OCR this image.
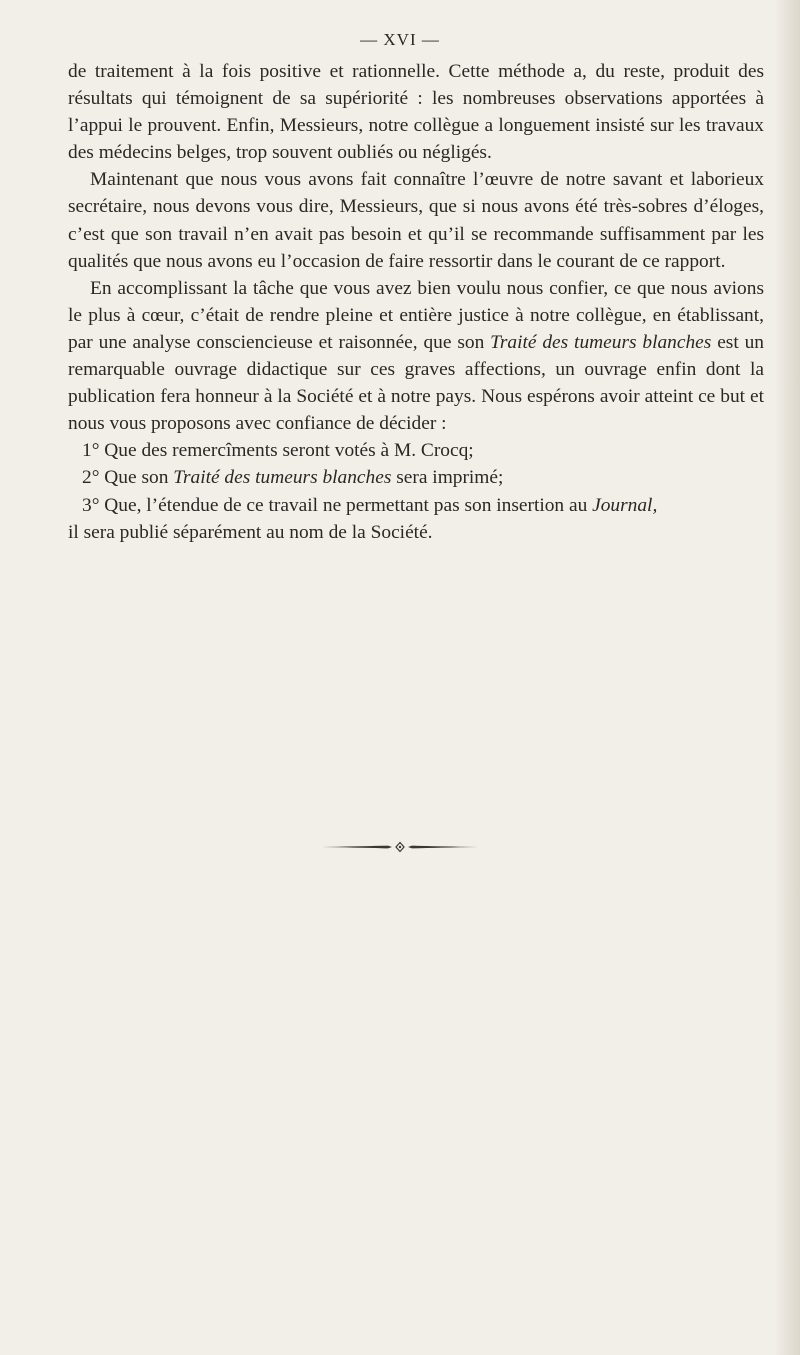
— XVI —

de traitement à la fois positive et rationnelle. Cette méthode a, du reste, produit des résultats qui témoignent de sa supériorité : les nombreuses observations apportées à l’appui le prouvent. Enfin, Messieurs, notre collègue a longuement insisté sur les travaux des médecins belges, trop souvent oubliés ou négligés.

Maintenant que nous vous avons fait connaître l’œuvre de notre savant et laborieux secrétaire, nous devons vous dire, Messieurs, que si nous avons été très-sobres d’éloges, c’est que son travail n’en avait pas besoin et qu’il se recommande suffisamment par les qualités que nous avons eu l’occasion de faire ressortir dans le courant de ce rapport.

En accomplissant la tâche que vous avez bien voulu nous confier, ce que nous avions le plus à cœur, c’était de rendre pleine et entière justice à notre collègue, en établissant, par une analyse consciencieuse et raisonnée, que son Traité des tumeurs blanches est un remarquable ouvrage didactique sur ces graves affections, un ouvrage enfin dont la publication fera honneur à la Société et à notre pays. Nous espérons avoir atteint ce but et nous vous proposons avec confiance de décider :

1° Que des remercîments seront votés à M. Crocq;

2° Que son Traité des tumeurs blanches sera imprimé;

3° Que, l’étendue de ce travail ne permettant pas son insertion au Journal,

il sera publié séparément au nom de la Société.
